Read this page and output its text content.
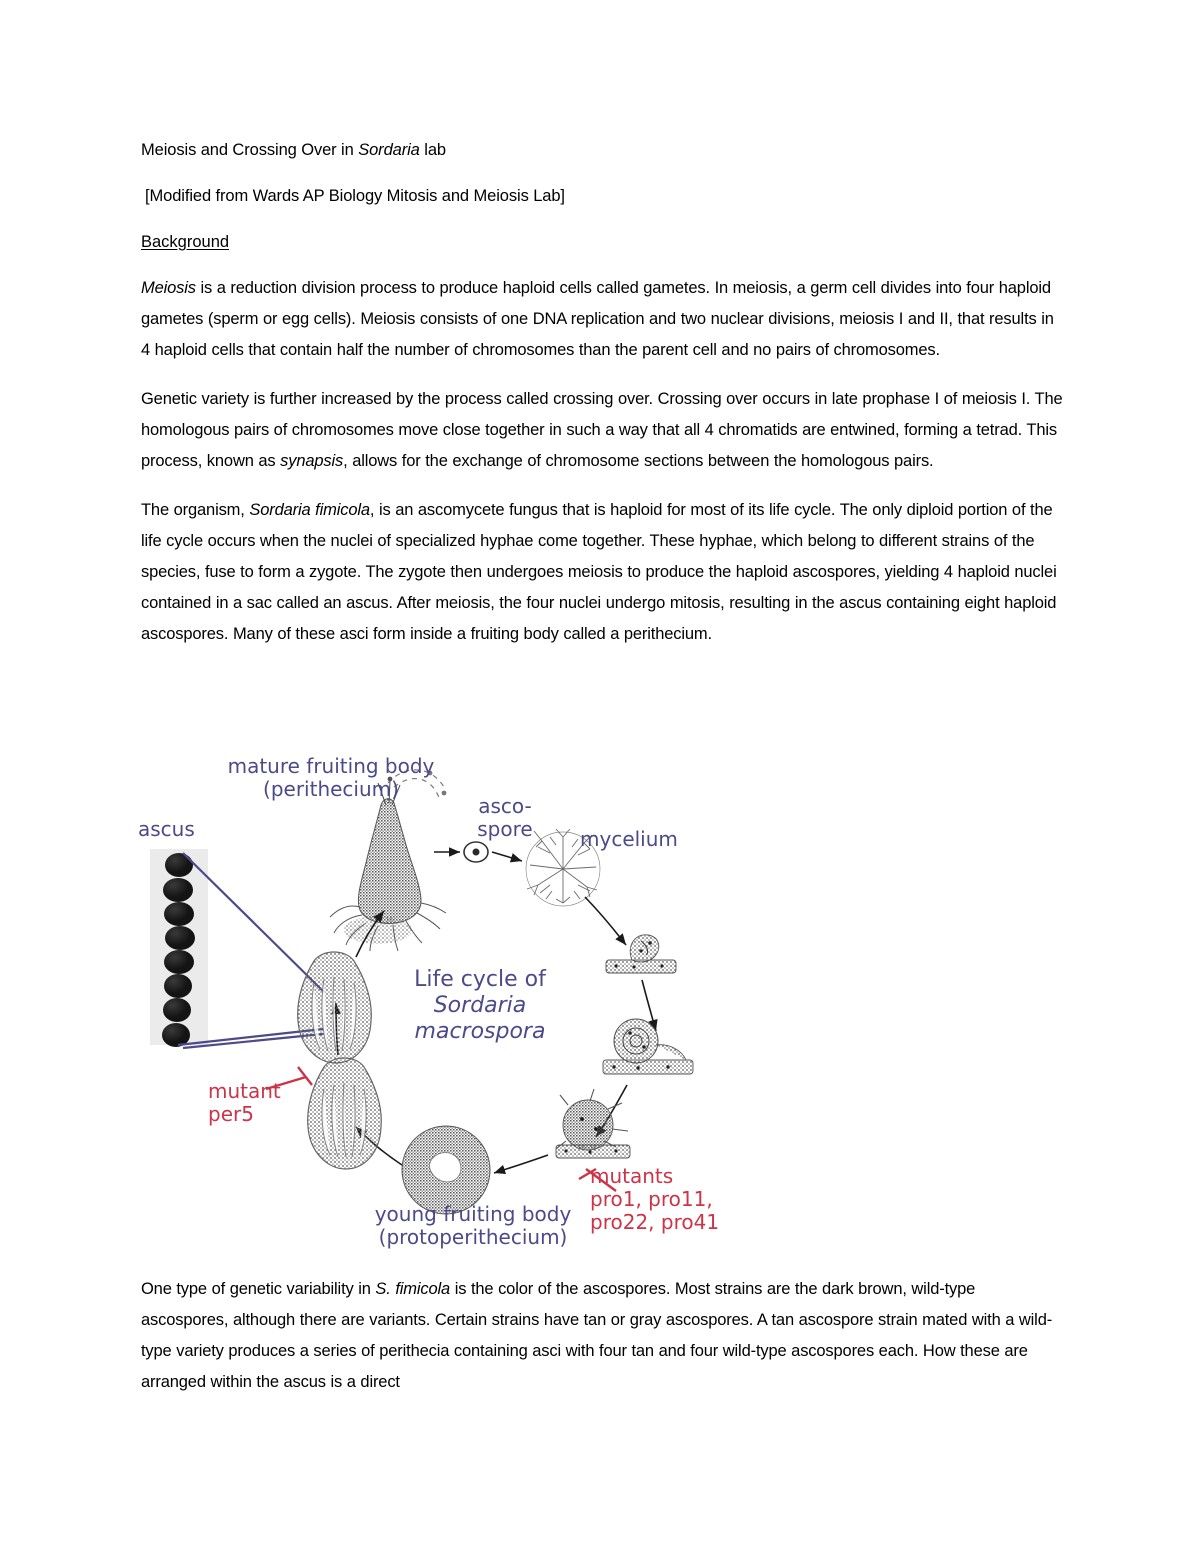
Meiosis and Crossing Over in Sordaria lab
[Modified from Wards AP Biology Mitosis and Meiosis Lab]
Background

Meiosis is a reduction division process to produce haploid cells called gametes. In meiosis, a germ cell divides into four haploid gametes (sperm or egg cells). Meiosis consists of one DNA replication and two nuclear divisions, meiosis I and II, that results in 4 haploid cells that contain half the number of chromosomes than the parent cell and no pairs of chromosomes.

Genetic variety is further increased by the process called crossing over. Crossing over occurs in late prophase I of meiosis I. The homologous pairs of chromosomes move close together in such a way that all 4 chromatids are entwined, forming a tetrad. This process, known as synapsis, allows for the exchange of chromosome sections between the homologous pairs.

The organism, Sordaria fimicola, is an ascomycete fungus that is haploid for most of its life cycle. The only diploid portion of the life cycle occurs when the nuclei of specialized hyphae come together. These hyphae, which belong to different strains of the species, fuse to form a zygote. The zygote then undergoes meiosis to produce the haploid ascospores, yielding 4 haploid nuclei contained in a sac called an ascus. After meiosis, the four nuclei undergo mitosis, resulting in the ascus containing eight haploid ascospores. Many of these asci form inside a fruiting body called a perithecium.

mature fruiting body
(perithecium)
ascus
asco-
spore	mycelium
Life cycle of
Sordaria
macrospora
mutant
per5
young fruiting body
(protoperithecium)
mutants
pro1, pro11,
pro22, pro41

One type of genetic variability in S. fimicola is the color of the ascospores. Most strains are the dark brown, wild-type ascospores, although there are variants. Certain strains have tan or gray ascospores. A tan ascospore strain mated with a wild-type variety produces a series of perithecia containing asci with four tan and four wild-type ascospores each. How these are arranged within the ascus is a direct
